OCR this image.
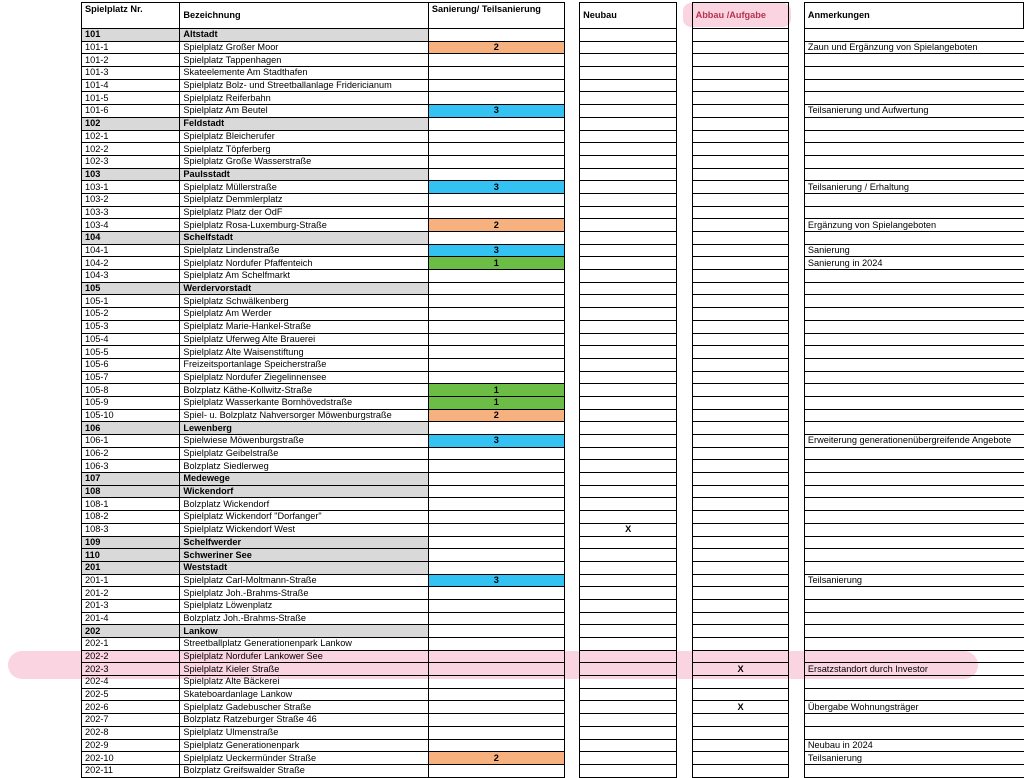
Spielplatz Nr.	Bezeichnung	Sanierung/ Teilsanierung		Neubau		Abbau /Aufgabe		Anmerkungen
101	Altstadt							
101-1	Spielplatz Großer Moor	2						Zaun und Ergänzung von Spielangeboten
101-2	Spielplatz Tappenhagen							
101-3	Skateelemente Am Stadthafen							
101-4	Spielplatz Bolz- und Streetballanlage Fridericianum							
101-5	Spielplatz Reiferbahn							
101-6	Spielplatz Am Beutel	3						Teilsanierung und Aufwertung
102	Feldstadt							
102-1	Spielplatz Bleicherufer							
102-2	Spielplatz Töpferberg							
102-3	Spielplatz Große Wasserstraße							
103	Paulsstadt							
103-1	Spielplatz Müllerstraße	3						Teilsanierung / Erhaltung
103-2	Spielplatz Demmlerplatz							
103-3	Spielplatz Platz der OdF							
103-4	Spielplatz Rosa-Luxemburg-Straße	2						Ergänzung von Spielangeboten
104	Schelfstadt							
104-1	Spielplatz Lindenstraße	3						Sanierung
104-2	Spielplatz Nordufer Pfaffenteich	1						Sanierung in 2024
104-3	Spielplatz Am Schelfmarkt							
105	Werdervorstadt							
105-1	Spielplatz Schwälkenberg							
105-2	Spielplatz Am Werder							
105-3	Spielplatz Marie-Hankel-Straße							
105-4	Spielplatz Uferweg Alte Brauerei							
105-5	Spielplatz Alte Waisenstiftung							
105-6	Freizeitsportanlage Speicherstraße							
105-7	Spielplatz Nordufer Ziegelinnensee							
105-8	Bolzplatz Käthe-Kollwitz-Straße	1						
105-9	Spielplatz Wasserkante Bornhövedstraße	1						
105-10	Spiel- u. Bolzplatz Nahversorger Möwenburgstraße	2						
106	Lewenberg							
106-1	Spielwiese Möwenburgstraße	3						Erweiterung generationenübergreifende Angebote
106-2	Spielplatz Geibelstraße							
106-3	Bolzplatz Siedlerweg							
107	Medewege							
108	Wickendorf							
108-1	Bolzplatz Wickendorf							
108-2	Spielplatz Wickendorf "Dorfanger"							
108-3	Spielplatz Wickendorf West			X				
109	Schelfwerder							
110	Schweriner See							
201	Weststadt							
201-1	Spielplatz Carl-Moltmann-Straße	3						Teilsanierung
201-2	Spielplatz Joh.-Brahms-Straße							
201-3	Spielplatz Löwenplatz							
201-4	Bolzplatz Joh.-Brahms-Straße							
202	Lankow							
202-1	Streetballplatz Generationenpark Lankow							
202-2	Spielplatz Nordufer Lankower See							
202-3	Spielplatz Kieler Straße					X		Ersatzstandort durch Investor
202-4	Spielplatz Alte Bäckerei							
202-5	Skateboardanlage Lankow							
202-6	Spielplatz Gadebuscher Straße					X		Übergabe Wohnungsträger
202-7	Bolzplatz Ratzeburger Straße 46							
202-8	Spielplatz Ulmenstraße							
202-9	Spielplatz Generationenpark							Neubau in 2024
202-10	Spielplatz Ueckermünder Straße	2						Teilsanierung
202-11	Bolzplatz Greifswalder Straße							
